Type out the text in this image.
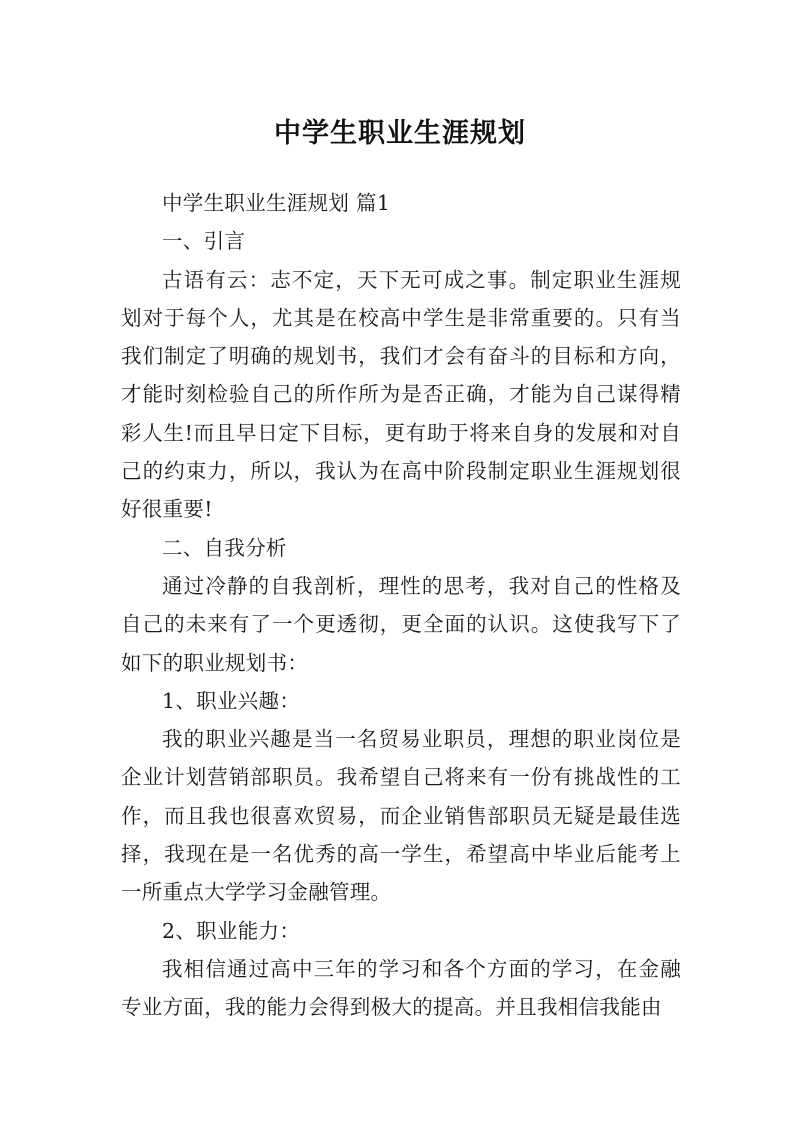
中学生职业生涯规划

中学生职业生涯规划 篇1

一、引言

古语有云：志不定，天下无可成之事。制定职业生涯规划对于每个人，尤其是在校高中学生是非常重要的。只有当我们制定了明确的规划书，我们才会有奋斗的目标和方向，才能时刻检验自己的所作所为是否正确，才能为自己谋得精彩人生!而且早日定下目标，更有助于将来自身的发展和对自己的约束力，所以，我认为在高中阶段制定职业生涯规划很好很重要!

二、自我分析

通过冷静的自我剖析，理性的思考，我对自己的性格及自己的未来有了一个更透彻，更全面的认识。这使我写下了如下的职业规划书：

1、职业兴趣：

我的职业兴趣是当一名贸易业职员，理想的职业岗位是企业计划营销部职员。我希望自己将来有一份有挑战性的工作，而且我也很喜欢贸易，而企业销售部职员无疑是最佳选择，我现在是一名优秀的高一学生，希望高中毕业后能考上一所重点大学学习金融管理。

2、职业能力：

我相信通过高中三年的学习和各个方面的学习，在金融专业方面，我的能力会得到极大的提高。并且我相信我能由
